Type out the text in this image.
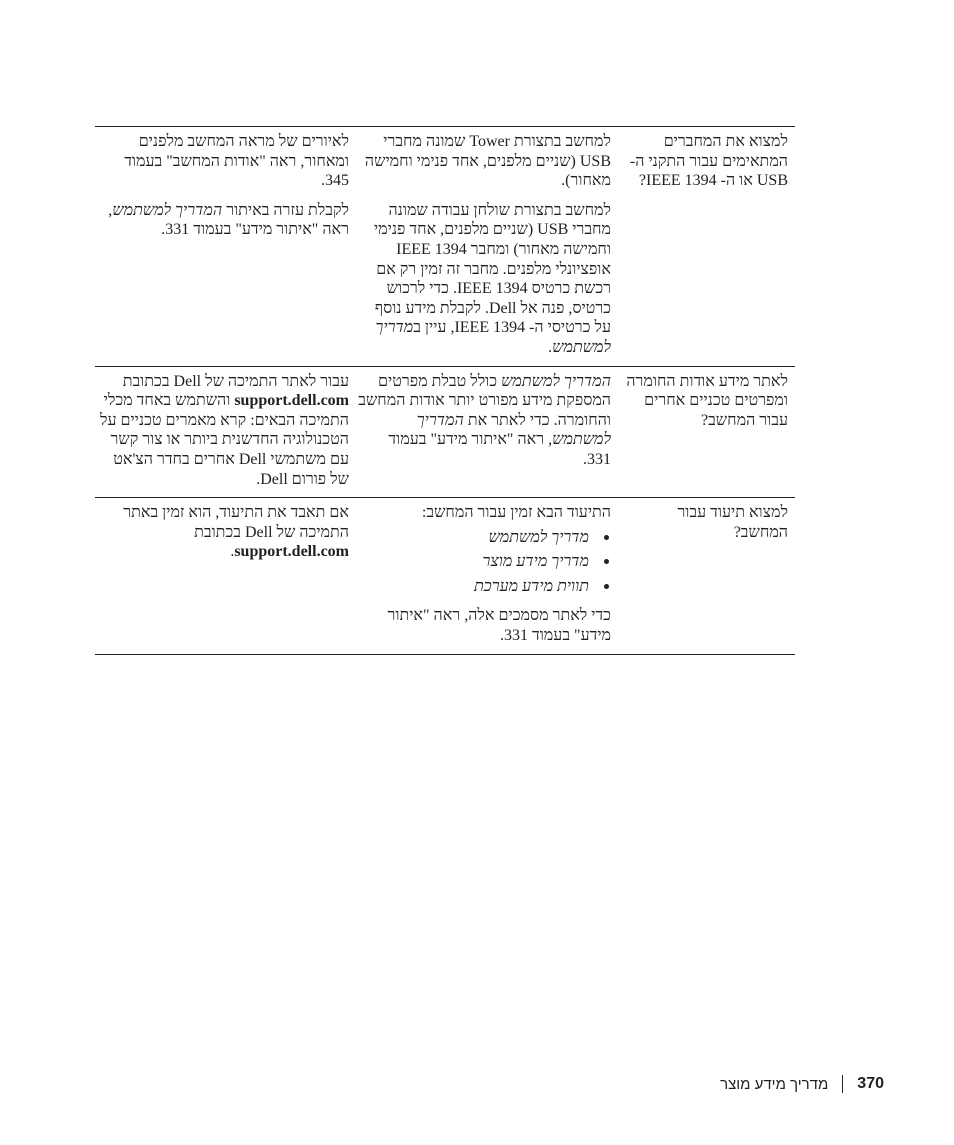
למצוא את המחברים המתאימים עבור התקני ה- USB או ה- IEEE 1394?
למחשב בתצורת Tower שמונה מחברי USB (שניים מלפנים, אחד פנימי וחמישה מאחור).
לאיורים של מראה המחשב מלפנים ומאחור, ראה "אודות המחשב" בעמוד 345.
למחשב בתצורת שולחן עבודה שמונה מחברי USB (שניים מלפנים, אחד פנימי וחמישה מאחור) ומחבר IEEE 1394 אופציונלי מלפנים. מחבר זה זמין רק אם רכשת כרטיס IEEE 1394. כדי לרכוש כרטיס, פנה אל Dell. לקבלת מידע נוסף על כרטיסי ה- IEEE 1394, עיין במדריך למשתמש.
לקבלת עזרה באיתור המדריך למשתמש, ראה "איתור מידע" בעמוד 331.
לאתר מידע אודות החומרה ומפרטים טכניים אחרים עבור המחשב?
המדריך למשתמש כולל טבלת מפרטים המספקת מידע מפורט יותר אודות המחשב והחומרה. כדי לאתר את המדריך למשתמש, ראה "איתור מידע" בעמוד 331.
עבור לאתר התמיכה של Dell בכתובת support.dell.com והשתמש באחד מכלי התמיכה הבאים: קרא מאמרים טכניים על הטכנולוגיה החדשנית ביותר או צור קשר עם משתמשי Dell אחרים בחדר הצ'אט של פורום Dell.
למצוא תיעוד עבור המחשב?
התיעוד הבא זמין עבור המחשב:
מדריך למשתמש
מדריך מידע מוצר
תווית מידע מערכת
כדי לאתר מסמכים אלה, ראה "איתור מידע" בעמוד 331.
אם תאבד את התיעוד, הוא זמין באתר התמיכה של Dell בכתובת support.dell.com.
370
מדריך מידע מוצר
